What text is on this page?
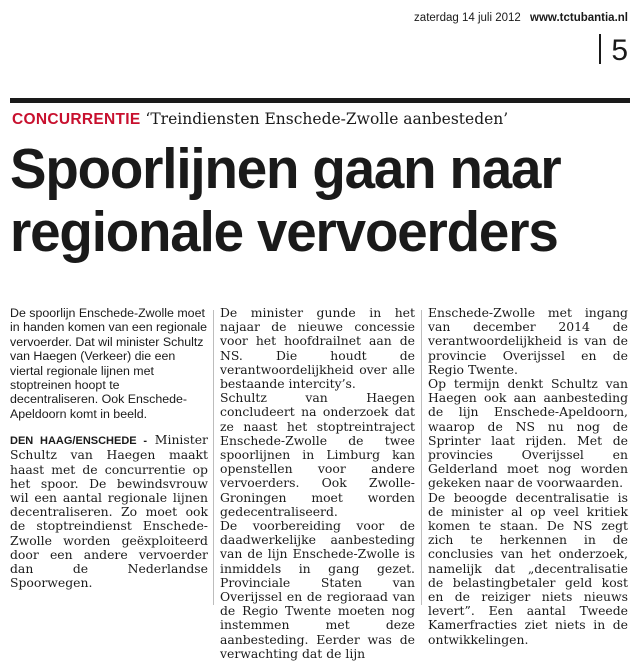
zaterdag 14 juli 2012 www.tctubantia.nl
5
CONCURRENTIE ‘Treindiensten Enschede-Zwolle aanbesteden’
Spoorlijnen gaan naar
regionale vervoerders

De spoorlijn Enschede-Zwolle moet in handen komen van een regionale vervoerder. Dat wil minister Schultz van Haegen (Verkeer) die een viertal regionale lijnen met stoptreinen hoopt te decentraliseren. Ook Enschede-Apeldoorn komt in beeld.

DEN HAAG/ENSCHEDE - Minister Schultz van Haegen maakt haast met de concurrentie op het spoor. De bewindsvrouw wil een aantal regionale lijnen decentraliseren. Zo moet ook de stoptreindienst Enschede-Zwolle worden geëxploiteerd door een andere vervoerder dan de Nederlandse Spoorwegen.

De minister gunde in het najaar de nieuwe concessie voor het hoofdrailnet aan de NS. Die houdt de verantwoordelijkheid over alle bestaande intercity’s.

Schultz van Haegen concludeert na onderzoek dat ze naast het stoptreintraject Enschede-Zwolle de twee spoorlijnen in Limburg kan openstellen voor andere vervoerders. Ook Zwolle-Groningen moet worden gedecentraliseerd.

De voorbereiding voor de daadwerkelijke aanbesteding van de lijn Enschede-Zwolle is inmiddels in gang gezet. Provinciale Staten van Overijssel en de regioraad van de Regio Twente moeten nog instemmen met deze aanbesteding. Eerder was de verwachting dat de lijn

Enschede-Zwolle met ingang van december 2014 de verantwoordelijkheid is van de provincie Overijssel en de Regio Twente.

Op termijn denkt Schultz van Haegen ook aan aanbesteding de lijn Enschede-Apeldoorn, waarop de NS nu nog de Sprinter laat rijden. Met de provincies Overijssel en Gelderland moet nog worden gekeken naar de voorwaarden.

De beoogde decentralisatie is de minister al op veel kritiek komen te staan. De NS zegt zich te herkennen in de conclusies van het onderzoek, namelijk dat „decentralisatie de belastingbetaler geld kost en de reiziger niets nieuws levert”. Een aantal Tweede Kamerfracties ziet niets in de ontwikkelingen.
